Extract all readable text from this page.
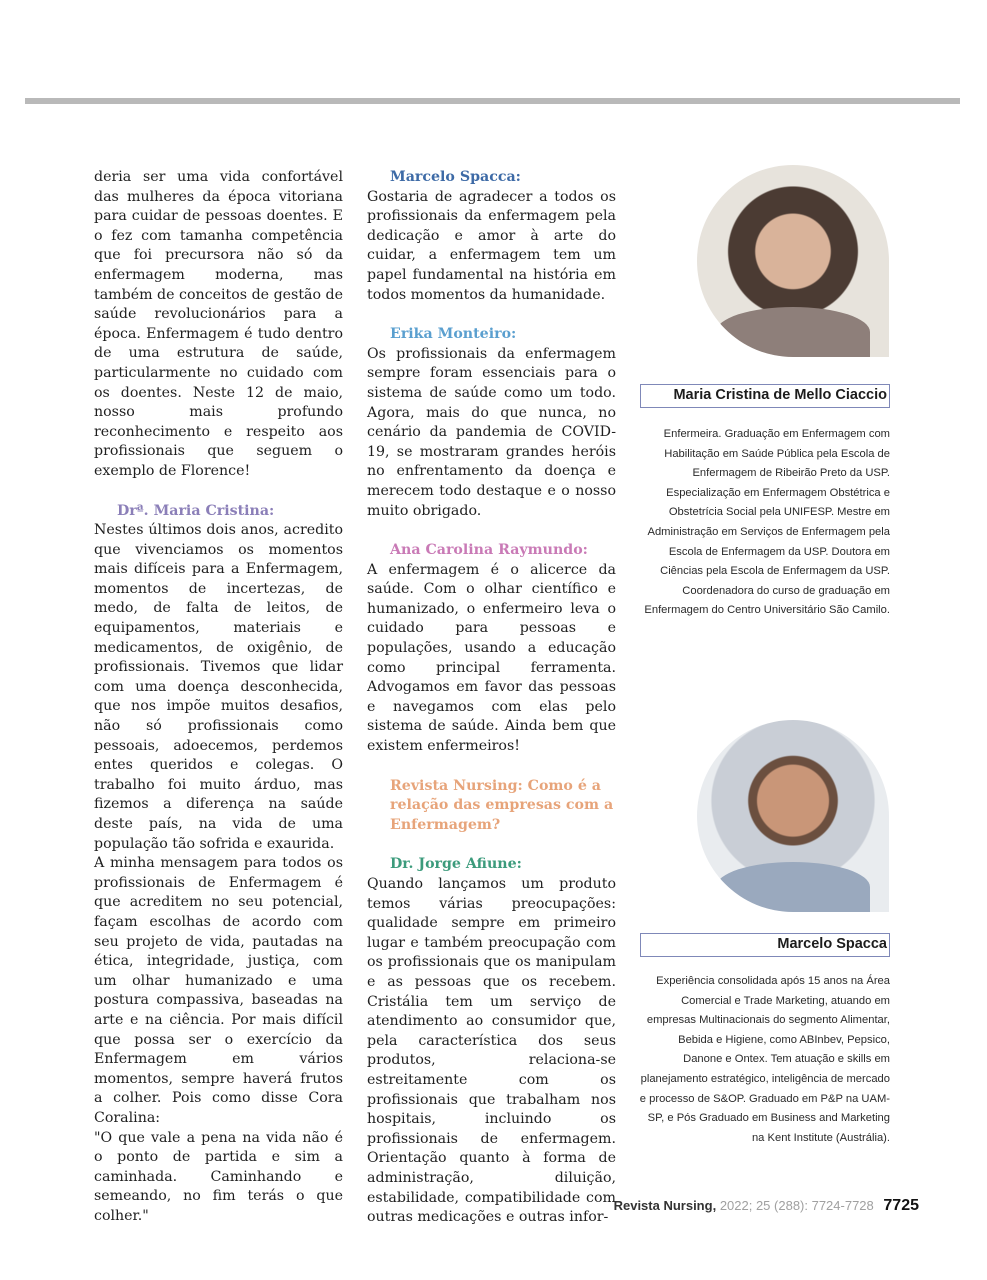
deria ser uma vida confortável das mulheres da época vitoriana para cuidar de pessoas doentes. E o fez com tamanha competência que foi precursora não só da enfermagem moderna, mas também de conceitos de gestão de saúde revolucionários para a época. Enfermagem é tudo dentro de uma estrutura de saúde, particularmente no cuidado com os doentes. Neste 12 de maio, nosso mais profundo reconhecimento e respeito aos profissionais que seguem o exemplo de Florence!

Drª. Maria Cristina:

Nestes últimos dois anos, acredito que vivenciamos os momentos mais difíceis para a Enfermagem, momentos de incertezas, de medo, de falta de leitos, de equipamentos, materiais e medicamentos, de oxigênio, de profissionais. Tivemos que lidar com uma doença desconhecida, que nos impõe muitos desafios, não só profissionais como pessoais, adoecemos, perdemos entes queridos e colegas. O trabalho foi muito árduo, mas fizemos a diferença na saúde deste país, na vida de uma população tão sofrida e exaurida.

A minha mensagem para todos os profissionais de Enfermagem é que acreditem no seu potencial, façam escolhas de acordo com seu projeto de vida, pautadas na ética, integridade, justiça, com um olhar humanizado e uma postura compassiva, baseadas na arte e na ciência. Por mais difícil que possa ser o exercício da Enfermagem em vários momentos, sempre haverá frutos a colher. Pois como disse Cora Coralina:

"O que vale a pena na vida não é o ponto de partida e sim a caminhada. Caminhando e semeando, no fim terás o que colher."

Marcelo Spacca:

Gostaria de agradecer a todos os profissionais da enfermagem pela dedicação e amor à arte do cuidar, a enfermagem tem um papel fundamental na história em todos momentos da humanidade.

Erika Monteiro:

Os profissionais da enfermagem sempre foram essenciais para o sistema de saúde como um todo. Agora, mais do que nunca, no cenário da pandemia de COVID-19, se mostraram grandes heróis no enfrentamento da doença e merecem todo destaque e o nosso muito obrigado.

Ana Carolina Raymundo:

A enfermagem é o alicerce da saúde. Com o olhar científico e humanizado, o enfermeiro leva o cuidado para pessoas e populações, usando a educação como principal ferramenta. Advogamos em favor das pessoas e navegamos com elas pelo sistema de saúde. Ainda bem que existem enfermeiros!

Revista Nursing: Como é a relação das empresas com a Enfermagem?

Dr. Jorge Afiune:

Quando lançamos um produto temos várias preocupações: qualidade sempre em primeiro lugar e também preocupação com os profissionais que os manipulam e as pessoas que os recebem. Cristália tem um serviço de atendimento ao consumidor que, pela característica dos seus produtos, relaciona-se estreitamente com os profissionais que trabalham nos hospitais, incluindo os profissionais de enfermagem. Orientação quanto à forma de administração, diluição, estabilidade, compatibilidade com outras medicações e outras infor-

Maria Cristina de Mello Ciaccio
Enfermeira. Graduação em Enfermagem com Habilitação em Saúde Pública pela Escola de Enfermagem de Ribeirão Preto da USP. Especialização em Enfermagem Obstétrica e Obstetrícia Social pela UNIFESP. Mestre em Administração em Serviços de Enfermagem pela Escola de Enfermagem da USP. Doutora em Ciências pela Escola de Enfermagem da USP. Coordenadora do curso de graduação em Enfermagem do Centro Universitário São Camilo.
Marcelo Spacca
Experiência consolidada após 15 anos na Área Comercial e Trade Marketing, atuando em empresas Multinacionais do segmento Alimentar, Bebida e Higiene, como ABInbev, Pepsico, Danone e Ontex. Tem atuação e skills em planejamento estratégico, inteligência de mercado e processo de S&OP. Graduado em P&P na UAM-SP, e Pós Graduado em Business and Marketing na Kent Institute (Austrália).
Revista Nursing, 2022; 25 (288): 7724-7728 7725
